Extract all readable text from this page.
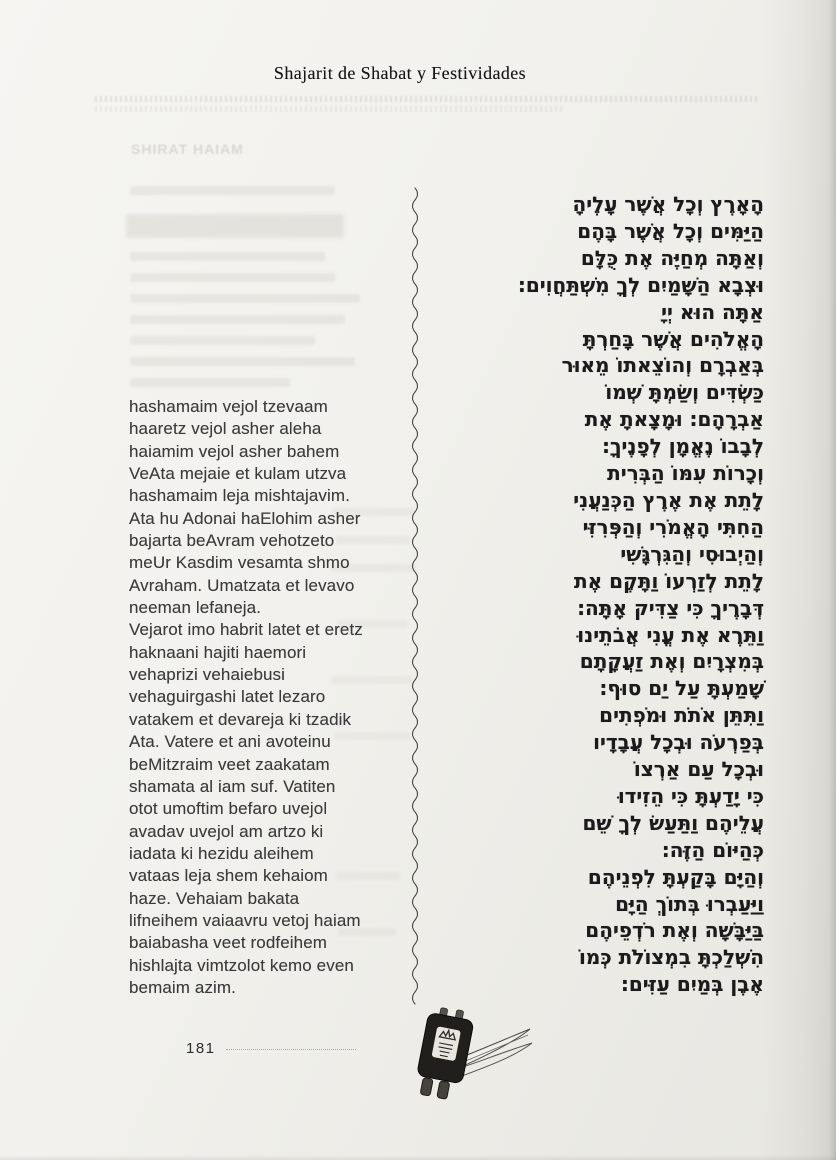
Shajarit de Shabat y Festividades
SHIRAT HAIAM
הָאָרֶץ וְכָל אֲשֶׁר עָלֶיהָ
הַיַּמִּים וְכָל אֲשֶׁר בָּהֶם
וְאַתָּה מְחַיֶּה אֶת כֻּלָּם
וּצְבָא הַשָּׁמַיִם לְךָ מִשְׁתַּחֲוִים:
אַתָּה הוּא יְיָ
הָאֱלֹהִים אֲשֶׁר בָּחַרְתָּ
בְּאַבְרָם וְהוֹצֵאתוֹ מֵאוּר
כַּשְׂדִּים וְשַׂמְתָּ שְׁמוֹ
אַבְרָהָם: וּמָצָאתָ אֶת
לְבָבוֹ נֶאֱמָן לְפָנֶיךָ:
וְכָרוֹת עִמּוֹ הַבְּרִית
לָתֵת אֶת אֶרֶץ הַכְּנַעֲנִי
הַחִתִּי הָאֱמֹרִי וְהַפְּרִזִּי
וְהַיְבוּסִי וְהַגִּרְגָּשִׁי
לָתֵת לְזַרְעוֹ וַתָּקֶם אֶת
דְּבָרֶיךָ כִּי צַדִּיק אָתָּה:
וַתֵּרֶא אֶת עֳנִי אֲבֹתֵינוּ
בְּמִצְרָיִם וְאֶת זַעֲקָתָם
שָׁמַעְתָּ עַל יַם סוּף:
וַתִּתֵּן אֹתֹת וּמֹפְתִים
בְּפַרְעֹה וּבְכָל עֲבָדָיו
וּבְכָל עַם אַרְצוֹ
כִּי יָדַעְתָּ כִּי הֵזִידוּ
עֲלֵיהֶם וַתַּעַשׂ לְךָ שֵׁם
כְּהַיּוֹם הַזֶּה:
וְהַיָּם בָּקַעְתָּ לִפְנֵיהֶם
וַיַּעַבְרוּ בְּתוֹךְ הַיָּם
בַּיַּבָּשָׁה וְאֶת רֹדְפֵיהֶם
הִשְׁלַכְתָּ בִמְצוֹלֹת כְּמוֹ
אֶבֶן בְּמַיִם עַזִּים:
hashamaim vejol tzevaam
haaretz vejol asher aleha
haiamim vejol asher bahem
VeAta mejaie et kulam utzva
hashamaim leja mishtajavim.
Ata hu Adonai haElohim asher
bajarta beAvram vehotzeto
meUr Kasdim vesamta shmo
Avraham. Umatzata et levavo
neeman lefaneja.
Vejarot imo habrit latet et eretz
haknaani hajiti haemori
vehaprizi vehaiebusi
vehaguirgashi latet lezaro
vatakem et devareja ki tzadik
Ata. Vatere et ani avoteinu
beMitzraim veet zaakatam
shamata al iam suf. Vatiten
otot umoftim befaro uvejol
avadav uvejol am artzo ki
iadata ki hezidu aleihem
vataas leja shem kehaiom
haze. Vehaiam bakata
lifneihem vaiaavru vetoj haiam
baiabasha veet rodfeihem
hishlajta vimtzolot kemo even
bemaim azim.
181
